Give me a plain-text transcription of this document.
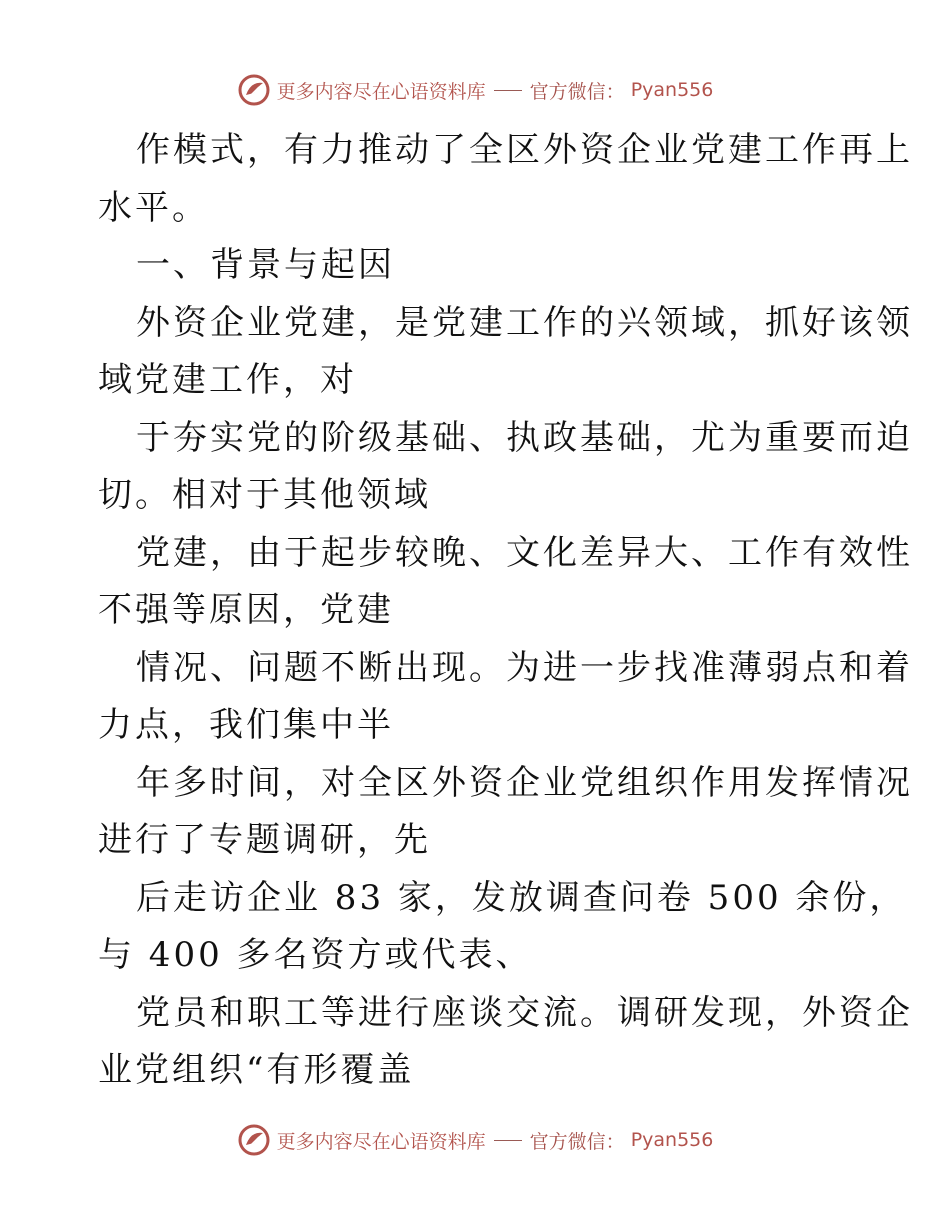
更多内容尽在心语资料库 官方微信： Pyan556
作模式，有力推动了全区外资企业党建工作再上
水平。
一、背景与起因
外资企业党建，是党建工作的兴领域，抓好该领
域党建工作，对
于夯实党的阶级基础、执政基础，尤为重要而迫
切。相对于其他领域
党建，由于起步较晚、文化差异大、工作有效性
不强等原因，党建
情况、问题不断出现。为进一步找准薄弱点和着
力点，我们集中半
年多时间，对全区外资企业党组织作用发挥情况
进行了专题调研，先
后走访企业 83 家，发放调查问卷 500 余份，
与 400 多名资方或代表、
党员和职工等进行座谈交流。调研发现，外资企
业党组织“有形覆盖
更多内容尽在心语资料库 官方微信： Pyan556
